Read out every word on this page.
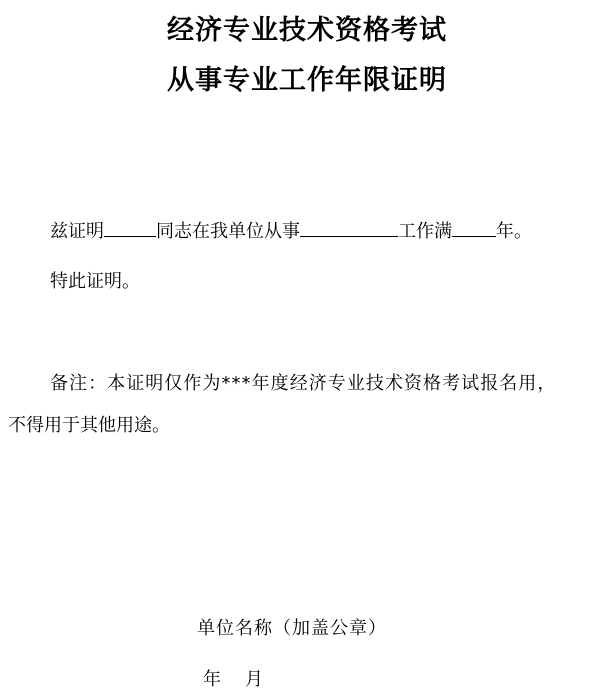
经济专业技术资格考试
从事专业工作年限证明
兹证明	同志在我单位从事	工作满 年。
特此证明。
备注：本证明仅作为***年度经济专业技术资格考试报名用，
不得用于其他用途。
单位名称（加盖公章）
年 月
